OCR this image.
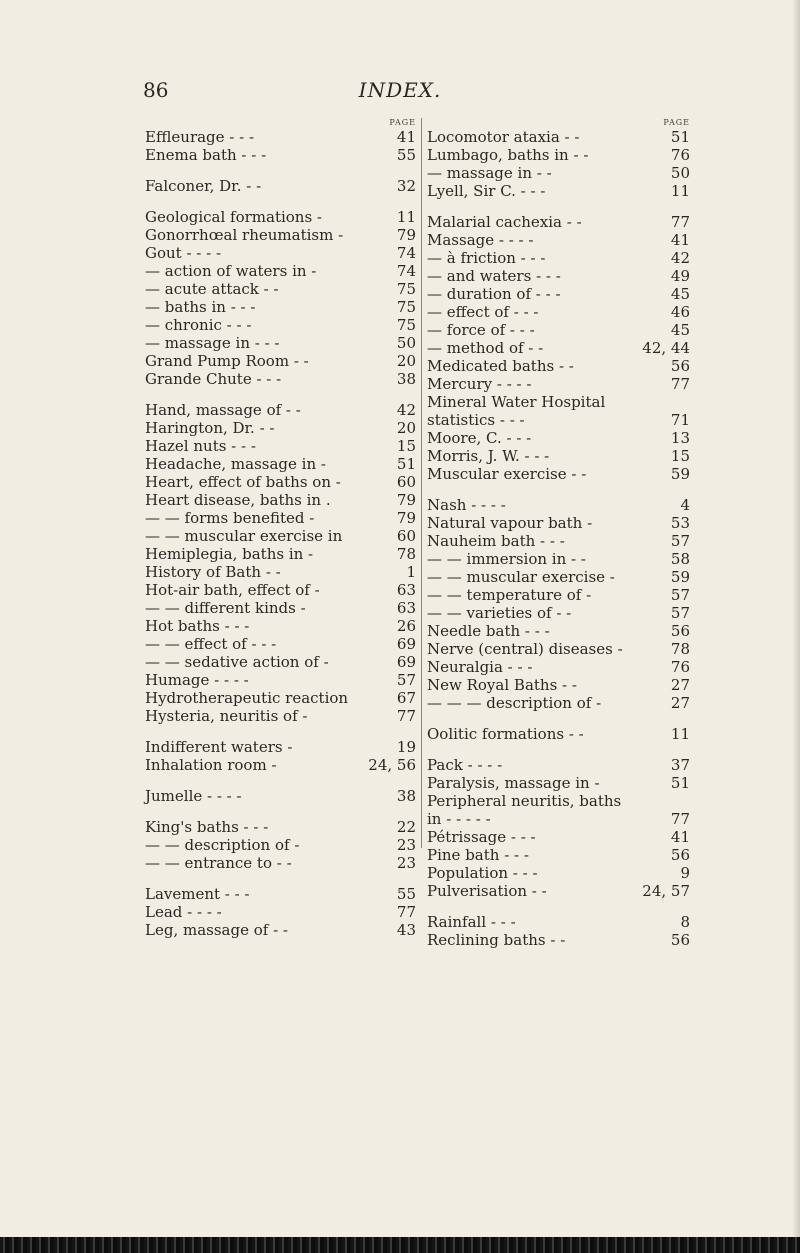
86	INDEX.
PAGE
Effleurage - - -	41
Enema bath - - -	55
Falconer, Dr. - -	32
Geological formations -	11
Gonorrhœal rheumatism -	79
Gout - - - -	74
— action of waters in -	74
— acute attack - -	75
— baths in - - -	75
— chronic - - -	75
— massage in - - -	50
Grand Pump Room - -	20
Grande Chute - - -	38
Hand, massage of - -	42
Harington, Dr. - -	20
Hazel nuts - - -	15
Headache, massage in -	51
Heart, effect of baths on -	60
Heart disease, baths in .	79
— — forms benefited -	79
— — muscular exercise in	60
Hemiplegia, baths in -	78
History of Bath - -	1
Hot-air bath, effect of -	63
— — different kinds -	63
Hot baths - - -	26
— — effect of - - -	69
— — sedative action of -	69
Humage - - - -	57
Hydrotherapeutic reaction	67
Hysteria, neuritis of -	77
Indifferent waters -	19
Inhalation room -	24, 56
Jumelle - - - -	38
King's baths - - -	22
— — description of -	23
— — entrance to - -	23
Lavement - - -	55
Lead - - - -	77
Leg, massage of - -	43
PAGE
Locomotor ataxia - -	51
Lumbago, baths in - -	76
— massage in - -	50
Lyell, Sir C. - - -	11
Malarial cachexia - -	77
Massage - - - -	41
— à friction - - -	42
— and waters - - -	49
— duration of - - -	45
— effect of - - -	46
— force of - - -	45
— method of - -	42, 44
Medicated baths - -	56
Mercury - - - -	77
Mineral Water Hospital
statistics - - -	71
Moore, C. - - -	13
Morris, J. W. - - -	15
Muscular exercise - -	59
Nash - - - -	4
Natural vapour bath -	53
Nauheim bath - - -	57
— — immersion in - -	58
— — muscular exercise -	59
— — temperature of -	57
— — varieties of - -	57
Needle bath - - -	56
Nerve (central) diseases -	78
Neuralgia - - -	76
New Royal Baths - -	27
— — — description of -	27
Oolitic formations - -	11
Pack - - - -	37
Paralysis, massage in -	51
Peripheral neuritis, baths
in - - - - -	77
Pétrissage - - -	41
Pine bath - - -	56
Population - - -	9
Pulverisation - -	24, 57
Rainfall - - -	8
Reclining baths - -	56
